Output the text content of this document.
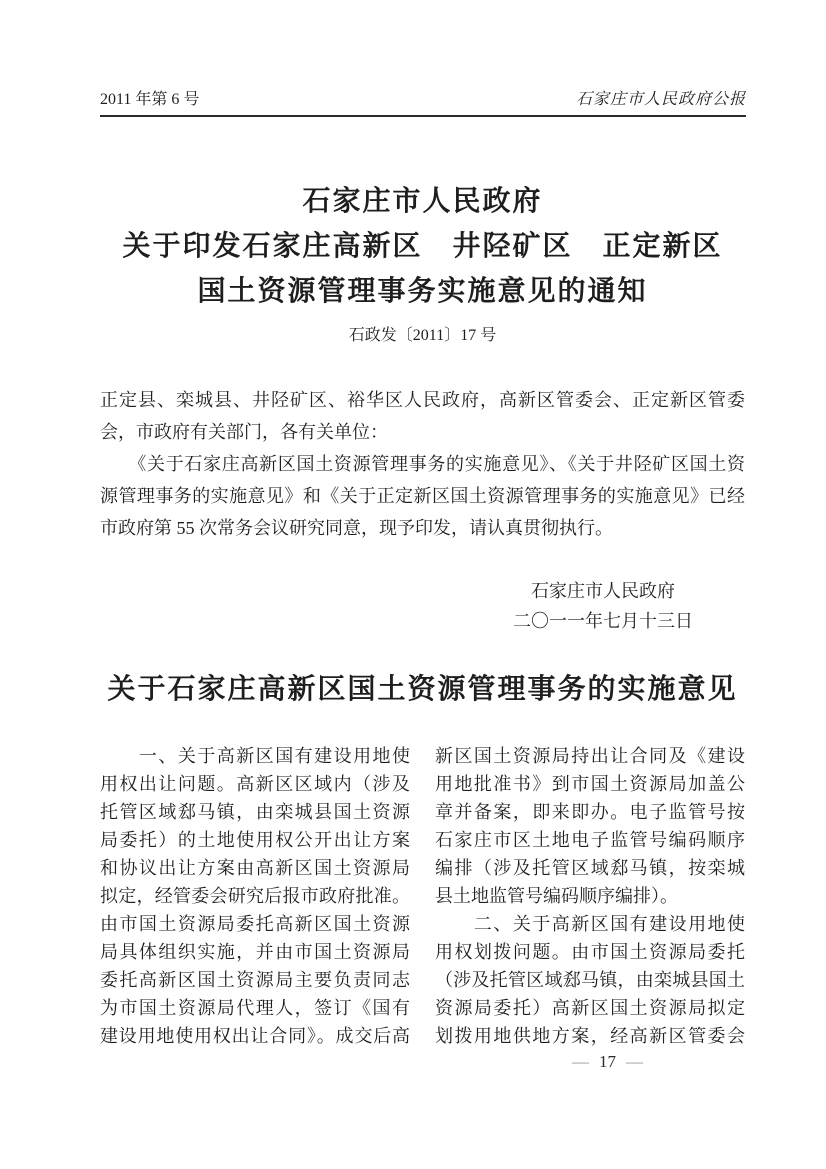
2011 年第 6 号	石家庄市人民政府公报
石家庄市人民政府
关于印发石家庄高新区　井陉矿区　正定新区
国土资源管理事务实施意见的通知
石政发〔2011〕17 号
正定县、栾城县、井陉矿区、裕华区人民政府，高新区管委会、正定新区管委
会，市政府有关部门，各有关单位：
　　《关于石家庄高新区国土资源管理事务的实施意见》、《关于井陉矿区国土资
源管理事务的实施意见》和《关于正定新区国土资源管理事务的实施意见》已经
市政府第 55 次常务会议研究同意，现予印发，请认真贯彻执行。
石家庄市人民政府
二〇一一年七月十三日
关于石家庄高新区国土资源管理事务的实施意见
　　一、关于高新区国有建设用地使
用权出让问题。高新区区域内（涉及
托管区域郄马镇，由栾城县国土资源
局委托）的土地使用权公开出让方案
和协议出让方案由高新区国土资源局
拟定，经管委会研究后报市政府批准。
由市国土资源局委托高新区国土资源
局具体组织实施，并由市国土资源局
委托高新区国土资源局主要负责同志
为市国土资源局代理人，签订《国有
建设用地使用权出让合同》。成交后高
新区国土资源局持出让合同及《建设
用地批准书》到市国土资源局加盖公
章并备案，即来即办。电子监管号按
石家庄市区土地电子监管号编码顺序
编排（涉及托管区域郄马镇，按栾城
县土地监管号编码顺序编排）。
　　二、关于高新区国有建设用地使
用权划拨问题。由市国土资源局委托
（涉及托管区域郄马镇，由栾城县国土
资源局委托）高新区国土资源局拟定
划拨用地供地方案，经高新区管委会
— 17 —
